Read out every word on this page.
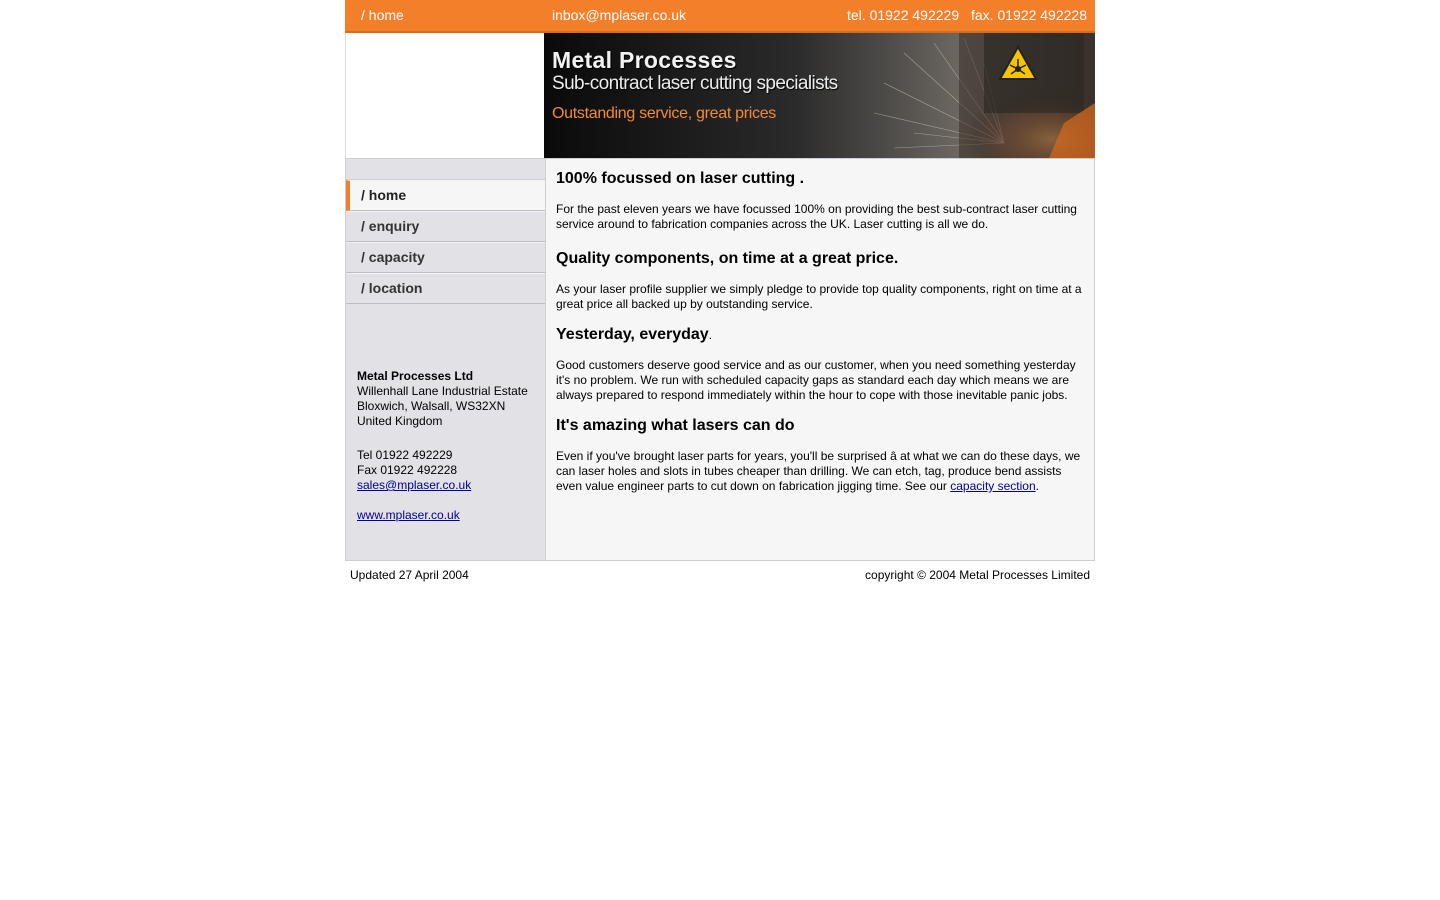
/ home	inbox@mplaser.co.uk	tel. 01922 492229 fax. 01922 492228
Metal Processes
Sub-contract laser cutting specialists
Outstanding service, great prices
/ home
/ enquiry
/ capacity
/ location
Metal Processes Ltd
Willenhall Lane Industrial Estate
Bloxwich, Walsall, WS32XN
United Kingdom
Tel 01922 492229
Fax 01922 492228
sales@mplaser.co.uk
www.mplaser.co.uk
100% focussed on laser cutting .

For the past eleven years we have focussed 100% on providing the best sub-contract laser cutting service around to fabrication companies across the UK. Laser cutting is all we do.

Quality components, on time at a great price.

As your laser profile supplier we simply pledge to provide top quality components, right on time at a great price all backed up by outstanding service.

Yesterday, everyday.

Good customers deserve good service and as our customer, when you need something yesterday it's no problem. We run with scheduled capacity gaps as standard each day which means we are always prepared to respond immediately within the hour to cope with those inevitable panic jobs.

It's amazing what lasers can do

Even if you've brought laser parts for years, you'll be surprised â at what we can do these days, we can laser holes and slots in tubes cheaper than drilling. We can etch, tag, produce bend assists even value engineer parts to cut down on fabrication jigging time. See our capacity section.

Updated 27 April 2004	copyright © 2004 Metal Processes Limited
